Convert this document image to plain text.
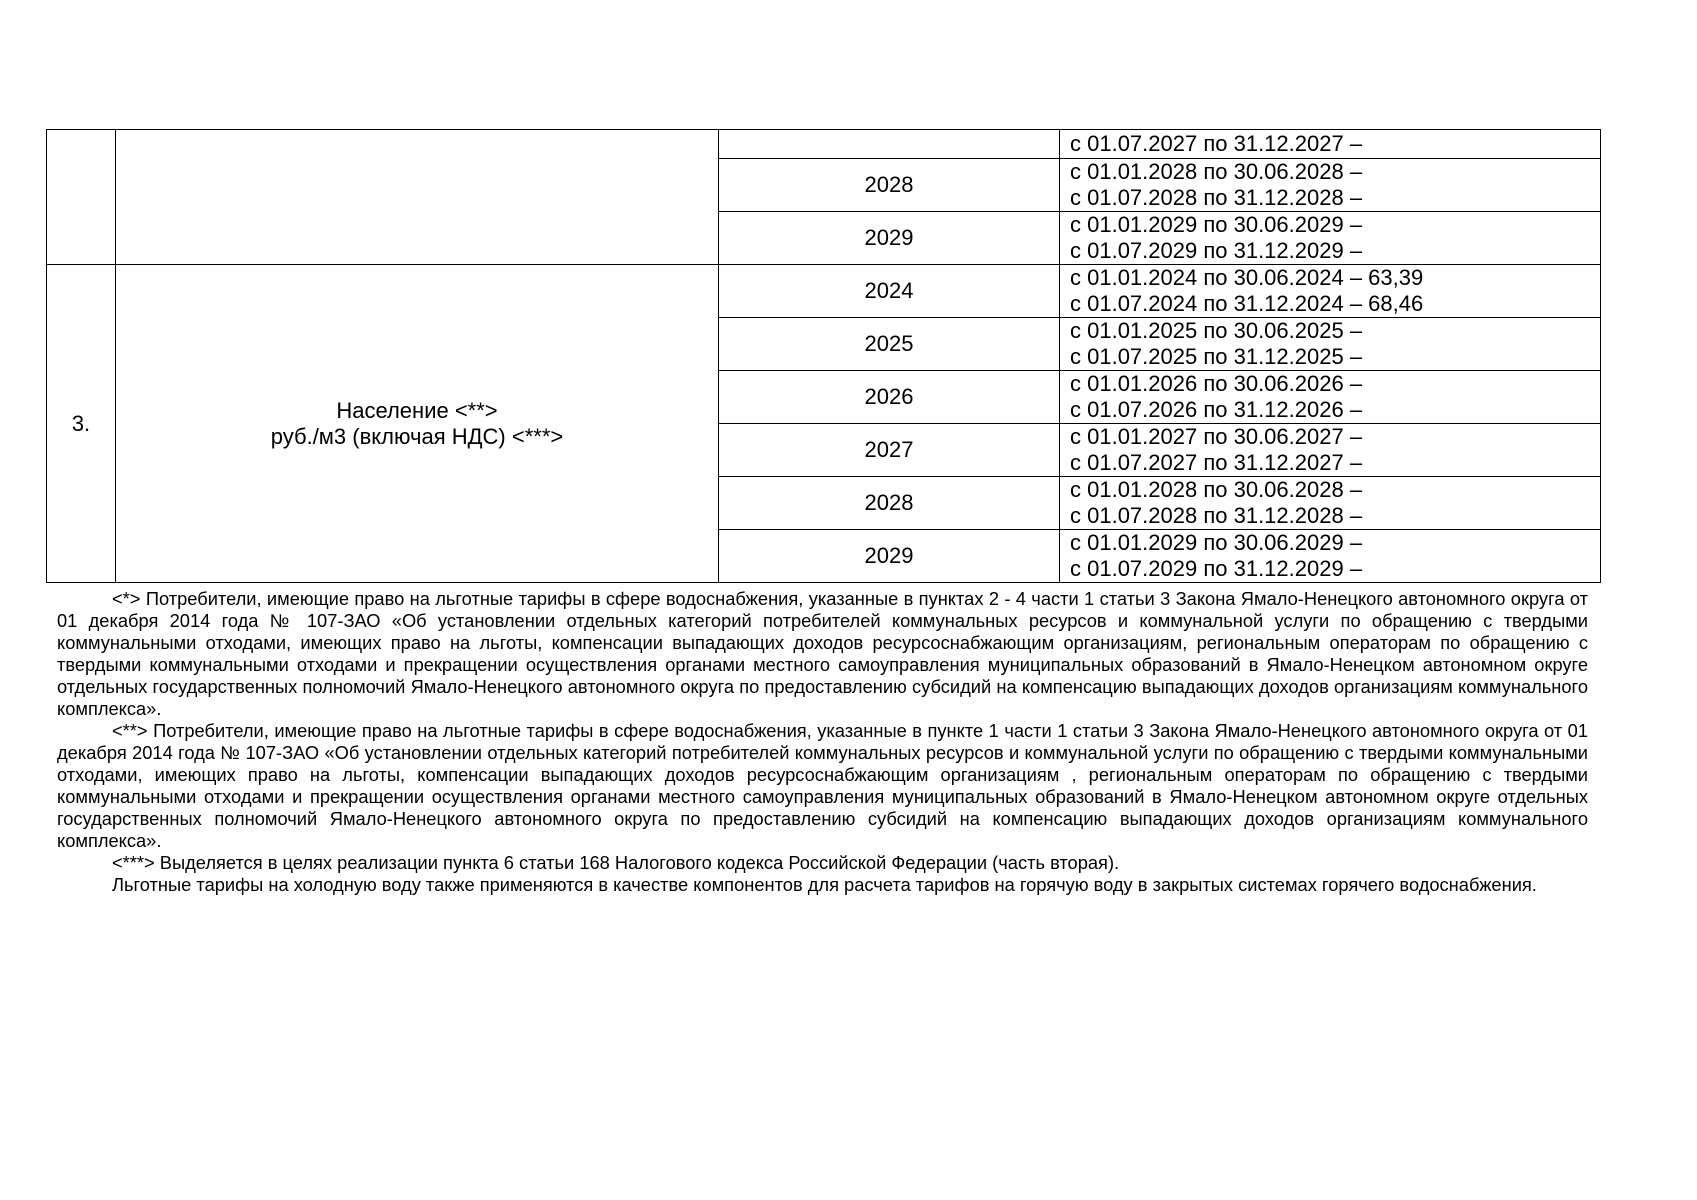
			с 01.07.2027 по 31.12.2027 –

		2028	с 01.01.2028 по 30.06.2028 –
с 01.07.2028 по 31.12.2028 –

		2029	с 01.01.2029 по 30.06.2029 –
с 01.07.2029 по 31.12.2029 –

3.	Население <**>
руб./м3 (включая НДС) <***>	2024	с 01.01.2024 по 30.06.2024 – 63,39
с 01.07.2024 по 31.12.2024 – 68,46

		2025	с 01.01.2025 по 30.06.2025 –
с 01.07.2025 по 31.12.2025 –

		2026	с 01.01.2026 по 30.06.2026 –
с 01.07.2026 по 31.12.2026 –

		2027	с 01.01.2027 по 30.06.2027 –
с 01.07.2027 по 31.12.2027 –

		2028	с 01.01.2028 по 30.06.2028 –
с 01.07.2028 по 31.12.2028 –

		2029	с 01.01.2029 по 30.06.2029 –
с 01.07.2029 по 31.12.2029 –

<*> Потребители, имеющие право на льготные тарифы в сфере водоснабжения, указанные в пунктах 2 - 4 части 1 статьи 3 Закона Ямало-Ненецкого автономного округа от 01 декабря 2014 года № 107-ЗАО «Об установлении отдельных категорий потребителей коммунальных ресурсов и коммунальной услуги по обращению с твердыми коммунальными отходами, имеющих право на льготы, компенсации выпадающих доходов ресурсоснабжающим организациям, региональным операторам по обращению с твердыми коммунальными отходами и прекращении осуществления органами местного самоуправления муниципальных образований в Ямало-Ненецком автономном округе отдельных государственных полномочий Ямало-Ненецкого автономного округа по предоставлению субсидий на компенсацию выпадающих доходов организациям коммунального комплекса».

<**> Потребители, имеющие право на льготные тарифы в сфере водоснабжения, указанные в пункте 1 части 1 статьи 3 Закона Ямало-Ненецкого автономного округа от 01 декабря 2014 года № 107-ЗАО «Об установлении отдельных категорий потребителей коммунальных ресурсов и коммунальной услуги по обращению с твердыми коммунальными отходами, имеющих право на льготы, компенсации выпадающих доходов ресурсоснабжающим организациям , региональным операторам по обращению с твердыми коммунальными отходами и прекращении осуществления органами местного самоуправления муниципальных образований в Ямало-Ненецком автономном округе отдельных государственных полномочий Ямало-Ненецкого автономного округа по предоставлению субсидий на компенсацию выпадающих доходов организациям коммунального комплекса».

<***> Выделяется в целях реализации пункта 6 статьи 168 Налогового кодекса Российской Федерации (часть вторая).

Льготные тарифы на холодную воду также применяются в качестве компонентов для расчета тарифов на горячую воду в закрытых системах горячего водоснабжения.
